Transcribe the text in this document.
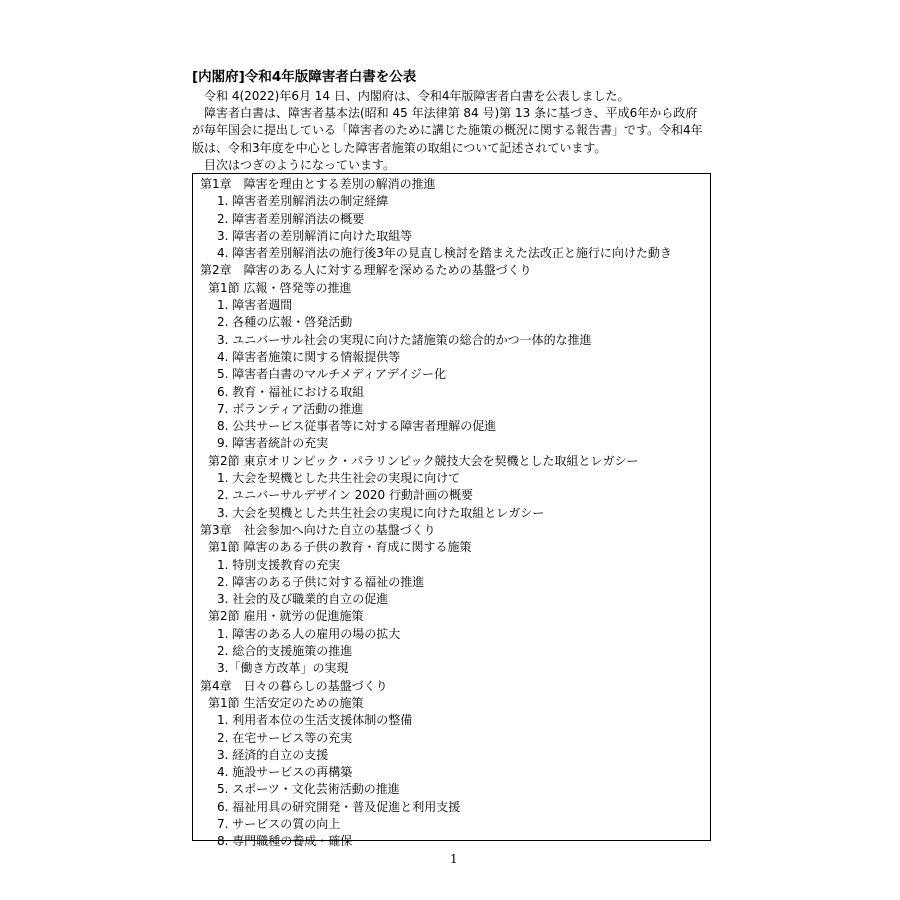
[内閣府]令和4年版障害者白書を公表

令和 4(2022)年6月 14 日、内閣府は、令和4年版障害者白書を公表しました。

障害者白書は、障害者基本法(昭和 45 年法律第 84 号)第 13 条に基づき、平成6年から政府

が毎年国会に提出している「障害者のために講じた施策の概況に関する報告書」です。令和4年

版は、令和3年度を中心とした障害者施策の取組について記述されています。

目次はつぎのようになっています。

第1章　障害を理由とする差別の解消の推進
1. 障害者差別解消法の制定経緯
2. 障害者差別解消法の概要
3. 障害者の差別解消に向けた取組等
4. 障害者差別解消法の施行後3年の見直し検討を踏まえた法改正と施行に向けた動き
第2章　障害のある人に対する理解を深めるための基盤づくり
第1節 広報・啓発等の推進
1. 障害者週間
2. 各種の広報・啓発活動
3. ユニバーサル社会の実現に向けた諸施策の総合的かつ一体的な推進
4. 障害者施策に関する情報提供等
5. 障害者白書のマルチメディアデイジー化
6. 教育・福祉における取組
7. ボランティア活動の推進
8. 公共サービス従事者等に対する障害者理解の促進
9. 障害者統計の充実
第2節 東京オリンピック・パラリンピック競技大会を契機とした取組とレガシー
1. 大会を契機とした共生社会の実現に向けて
2. ユニバーサルデザイン 2020 行動計画の概要
3. 大会を契機とした共生社会の実現に向けた取組とレガシー
第3章　社会参加へ向けた自立の基盤づくり
第1節 障害のある子供の教育・育成に関する施策
1. 特別支援教育の充実
2. 障害のある子供に対する福祉の推進
3. 社会的及び職業的自立の促進
第2節 雇用・就労の促進施策
1. 障害のある人の雇用の場の拡大
2. 総合的支援施策の推進
3.「働き方改革」の実現
第4章　日々の暮らしの基盤づくり
第1節 生活安定のための施策
1. 利用者本位の生活支援体制の整備
2. 在宅サービス等の充実
3. 経済的自立の支援
4. 施設サービスの再構築
5. スポーツ・文化芸術活動の推進
6. 福祉用具の研究開発・普及促進と利用支援
7. サービスの質の向上
8. 専門職種の養成・確保
1
